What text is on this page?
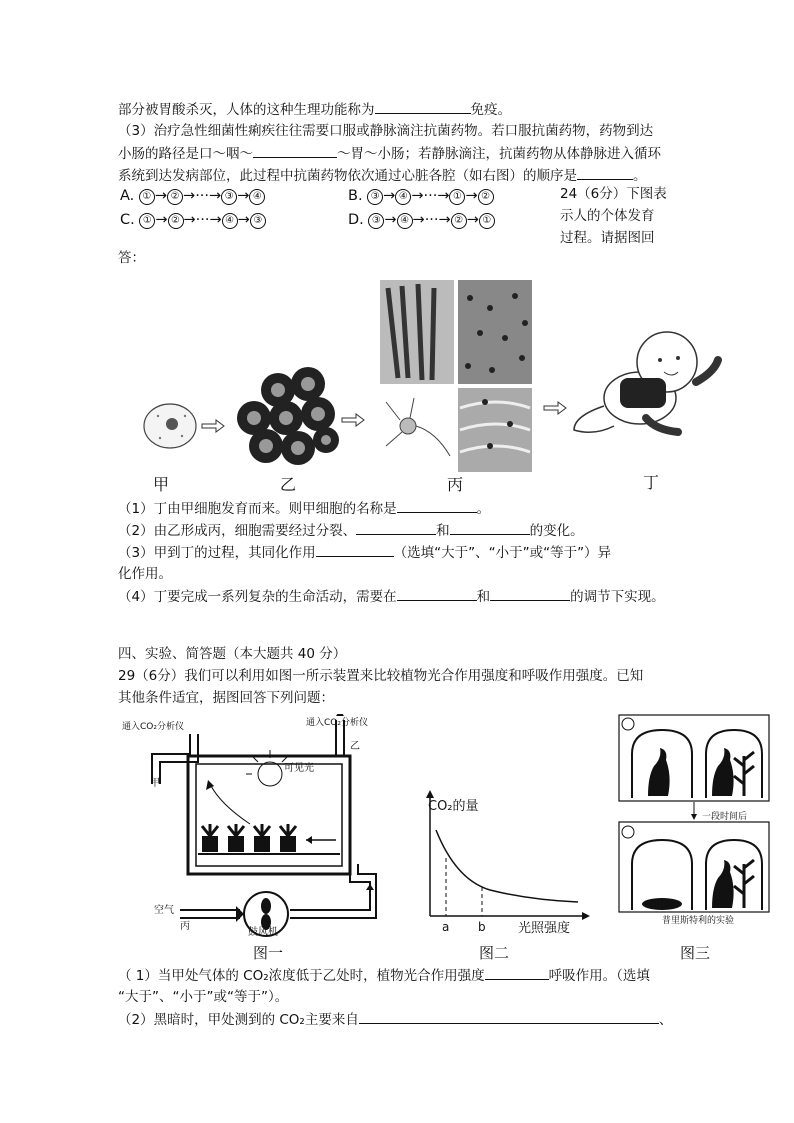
部分被胃酸杀灭，人体的这种生理功能称为	免疫。
（3）治疗急性细菌性痢疾往往需要口服或静脉滴注抗菌药物。若口服抗菌药物，药物到达
小肠的路径是口～咽～	～胃～小肠；若静脉滴注，抗菌药物从体静脉进入循环
系统到达发病部位，此过程中抗菌药物依次通过心脏各腔（如右图）的顺序是	。
A. ① → ② →···→ ③ → ④	B. ③ → ④ →···→ ① → ②
C. ① → ② →···→ ④ → ③	D. ③ → ④ →···→ ② → ①
24（6分）下图表
示人的个体发育
过程。请据图回
答：
甲	乙	丙	丁
（1）丁由甲细胞发育而来。则甲细胞的名称是	。
（2）由乙形成丙，细胞需要经过分裂、	和	的变化。
（3）甲到丁的过程，其同化作用	（选填“大于”、“小于”或“等于”）异
化作用。
（4）丁要完成一系列复杂的生命活动，需要在	和	的调节下实现。
四、实验、简答题（本大题共 40 分）
29（6分）我们可以利用如图一所示装置来比较植物光合作用强度和呼吸作用强度。已知
其他条件适宜，据图回答下列问题：
通入CO₂分析仪	通入CO₂分析仪
甲
乙
丙
空气
可见光
鼓风机
图一
CO₂的量
a b 光照强度
图二
一段时间后
普里斯特利的实验
图三
（ 1）当甲处气体的 CO₂浓度低于乙处时，植物光合作用强度	呼吸作用。（选填
“大于”、“小于”或“等于”）。
（2）黑暗时，甲处测到的 CO₂主要来自	、
